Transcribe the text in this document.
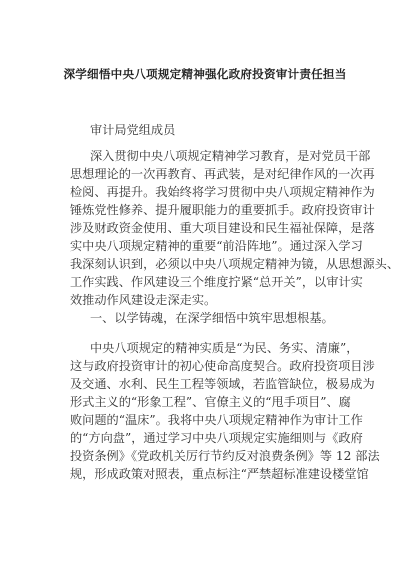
深学细悟中央八项规定精神强化政府投资审计责任担当
审计局党组成员
深入贯彻中央八项规定精神学习教育，是对党员干部
思想理论的一次再教育、再武装，是对纪律作风的一次再
检阅、再提升。我始终将学习贯彻中央八项规定精神作为
锤炼党性修养、提升履职能力的重要抓手。政府投资审计
涉及财政资金使用、重大项目建设和民生福祉保障，是落
实中央八项规定精神的重要“前沿阵地”。通过深入学习
我深刻认识到，必须以中央八项规定精神为镜，从思想源头、
工作实践、作风建设三个维度拧紧“总开关”，以审计实
效推动作风建设走深走实。
一、以学铸魂，在深学细悟中筑牢思想根基。
中央八项规定的精神实质是“为民、务实、清廉”，
这与政府投资审计的初心使命高度契合。政府投资项目涉
及交通、水利、民生工程等领域，若监管缺位，极易成为
形式主义的“形象工程”、官僚主义的“甩手项目”、腐
败问题的“温床”。我将中央八项规定精神作为审计工作
的“方向盘”，通过学习中央八项规定实施细则与《政府
投资条例》《党政机关厉行节约反对浪费条例》等 12 部法
规，形成政策对照表，重点标注“严禁超标准建设楼堂馆
